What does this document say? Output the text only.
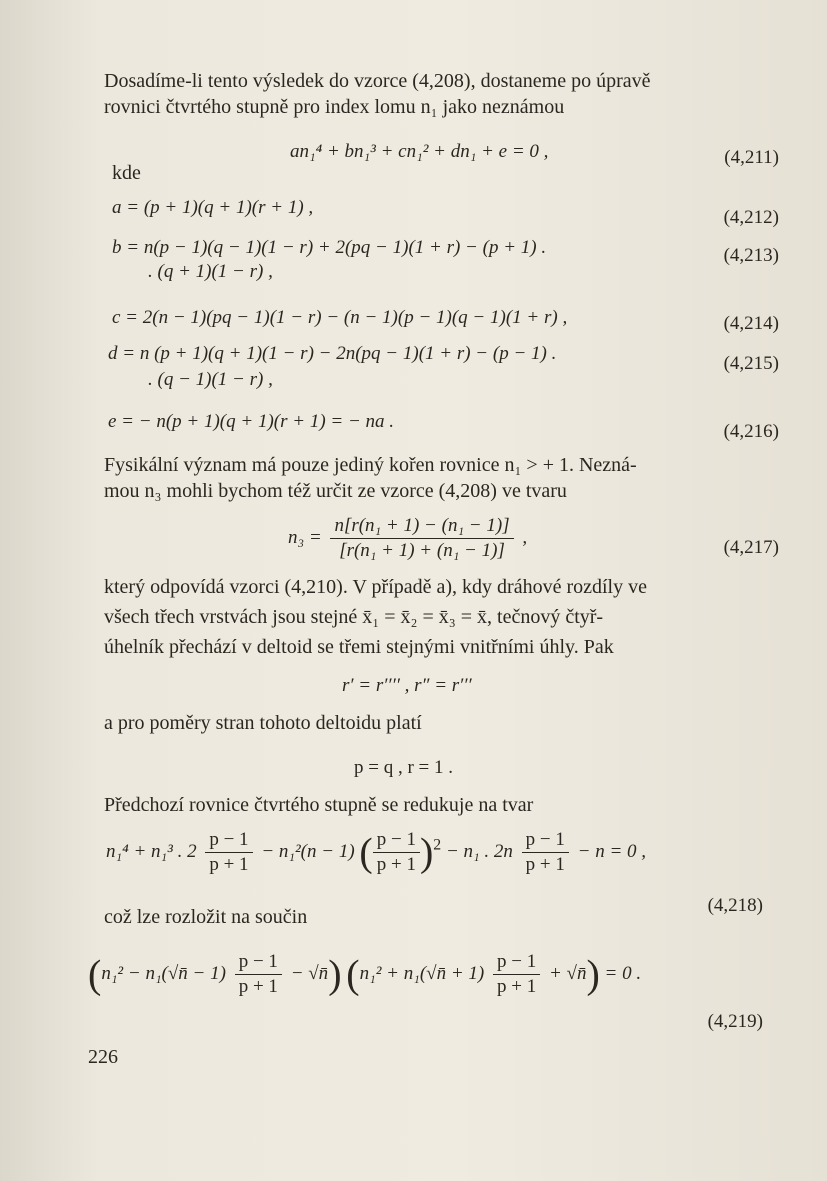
Dosadíme-li tento výsledek do vzorce (4,208), dostaneme po úpravě
rovnici čtvrtého stupně pro index lomu n₁ jako neznámou
an₁⁴ + bn₁³ + cn₁² + dn₁ + e = 0 ,	(4,211)
kde
a = (p + 1)(q + 1)(r + 1) ,	(4,212)
b = n(p − 1)(q − 1)(1 − r) + 2(pq − 1)(1 + r) − (p + 1) .
. (q + 1)(1 − r) ,
(4,213)
c = 2(n − 1)(pq − 1)(1 − r) − (n − 1)(p − 1)(q − 1)(1 + r) ,	(4,214)
d = n (p + 1)(q + 1)(1 − r) − 2n(pq − 1)(1 + r) − (p − 1) .
. (q − 1)(1 − r) ,
(4,215)
e = − n(p + 1)(q + 1)(r + 1) = − na .	(4,216)
Fysikální význam má pouze jediný kořen rovnice n₁ > + 1. Nezná-
mou n₃ mohli bychom též určit ze vzorce (4,208) ve tvaru
$n_3 = \frac{\text{n[r(n₁ + 1) − (n₁ − 1)]}}{\text{[r(n₁ + 1) + (n₁ − 1)]}}$ ,	(4,217)
který odpovídá vzorci (4,210). V případě a), kdy dráhové rozdíly ve
všech třech vrstvách jsou stejné x̄₁ = x̄₂ = x̄₃ = x̄, tečnový čtyř-
úhelník přechází v deltoid se třemi stejnými vnitřními úhly. Pak
r′ = r′′′′ , r″ = r′′′
a pro poměry stran tohoto deltoidu platí
p = q , r = 1 .
Předchozí rovnice čtvrtého stupně se redukuje na tvar
n₁⁴ + n₁³ . $2 \frac{p - 1}{p + 1} - n_1^2(n - 1)$ ( $\frac{p - 1}{p + 1} )^2 - n_1$ . $2n \frac{p - 1}{p + 1} - n = 0$ ,
(4,218)
což lze rozložit na součin
(n₁² − n₁(√n̄ − $1) \frac{p - 1}{p + 1}$ − √n̄) (n₁² + n₁(√n̄ + $1) \frac{p - 1}{p + 1}$ + √n̄) = 0 .
(4,219)
226
